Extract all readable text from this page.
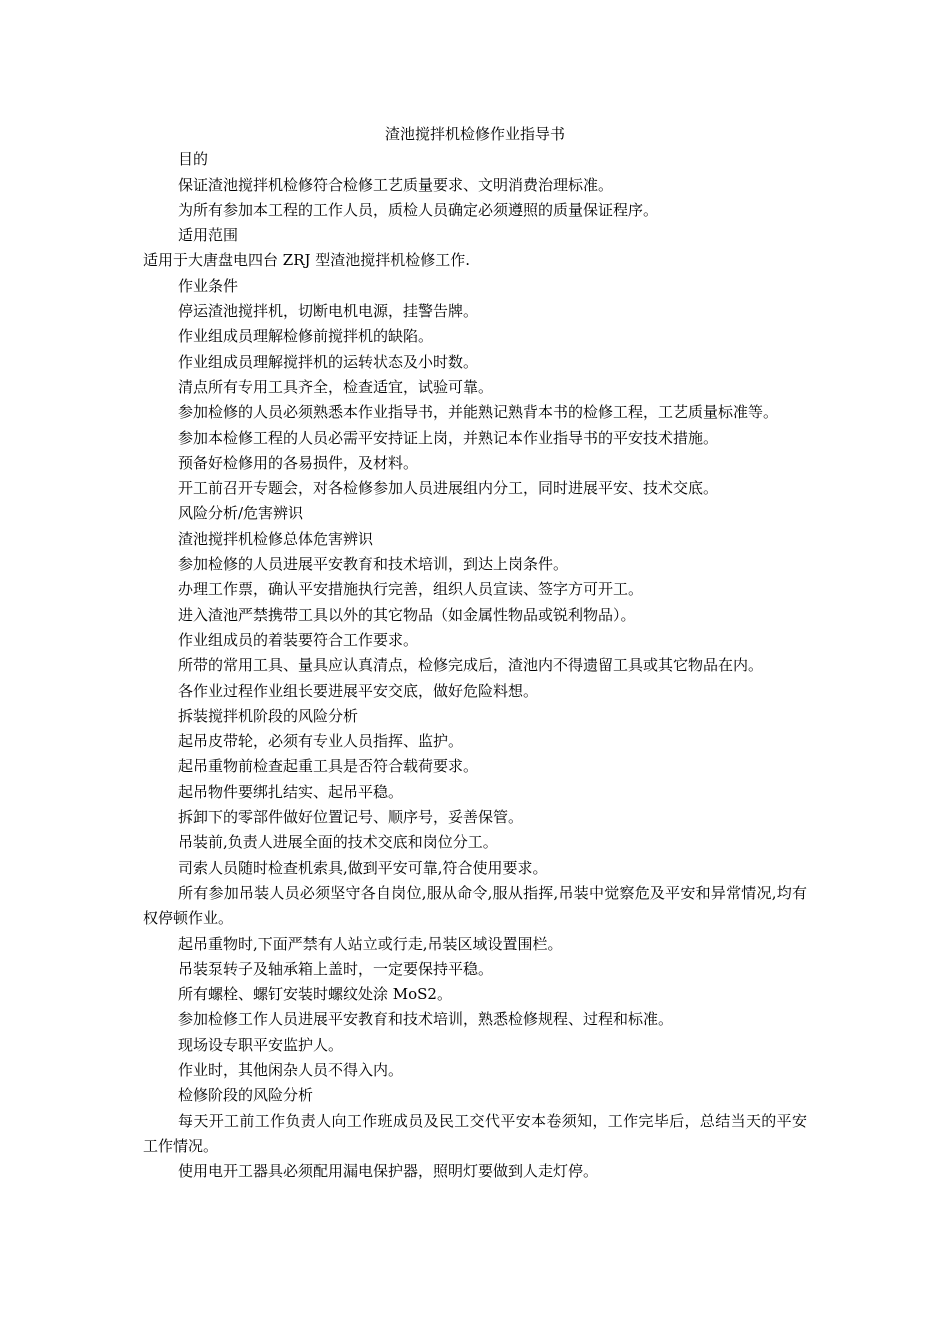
渣池搅拌机检修作业指导书

目的

保证渣池搅拌机检修符合检修工艺质量要求、文明消费治理标准。

为所有参加本工程的工作人员，质检人员确定必须遵照的质量保证程序。

适用范围

适用于大唐盘电四台 ZRJ 型渣池搅拌机检修工作.

作业条件

停运渣池搅拌机，切断电机电源，挂警告牌。

作业组成员理解检修前搅拌机的缺陷。

作业组成员理解搅拌机的运转状态及小时数。

清点所有专用工具齐全，检查适宜，试验可靠。

参加检修的人员必须熟悉本作业指导书，并能熟记熟背本书的检修工程，工艺质量标准等。

参加本检修工程的人员必需平安持证上岗，并熟记本作业指导书的平安技术措施。

预备好检修用的各易损件，及材料。

开工前召开专题会，对各检修参加人员进展组内分工，同时进展平安、技术交底。

风险分析/危害辨识

渣池搅拌机检修总体危害辨识

参加检修的人员进展平安教育和技术培训，到达上岗条件。

办理工作票，确认平安措施执行完善，组织人员宣读、签字方可开工。

进入渣池严禁携带工具以外的其它物品（如金属性物品或锐利物品）。

作业组成员的着装要符合工作要求。

所带的常用工具、量具应认真清点，检修完成后，渣池内不得遗留工具或其它物品在内。

各作业过程作业组长要进展平安交底，做好危险料想。

拆装搅拌机阶段的风险分析

起吊皮带轮，必须有专业人员指挥、监护。

起吊重物前检查起重工具是否符合载荷要求。

起吊物件要绑扎结实、起吊平稳。

拆卸下的零部件做好位置记号、顺序号，妥善保管。

吊装前,负责人进展全面的技术交底和岗位分工。

司索人员随时检查机索具,做到平安可靠,符合使用要求。

所有参加吊装人员必须坚守各自岗位,服从命令,服从指挥,吊装中觉察危及平安和异常情况,均有权停顿作业。

起吊重物时,下面严禁有人站立或行走,吊装区域设置围栏。

吊装泵转子及轴承箱上盖时，一定要保持平稳。

所有螺栓、螺钉安装时螺纹处涂 MoS2。

参加检修工作人员进展平安教育和技术培训，熟悉检修规程、过程和标准。

现场设专职平安监护人。

作业时，其他闲杂人员不得入内。

检修阶段的风险分析

每天开工前工作负责人向工作班成员及民工交代平安本卷须知，工作完毕后，总结当天的平安工作情况。

使用电开工器具必须配用漏电保护器，照明灯要做到人走灯停。
